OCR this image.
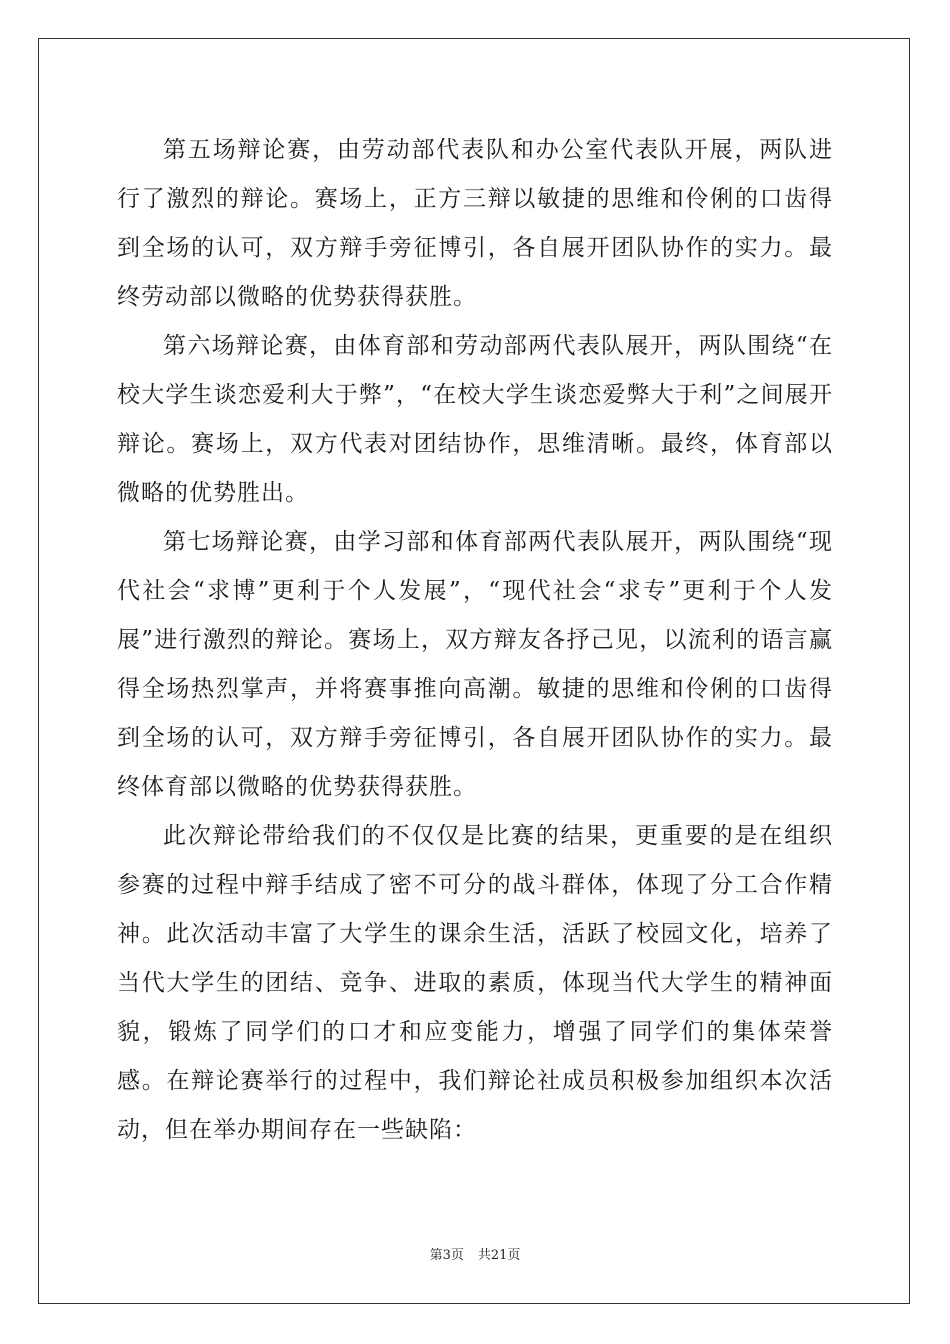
第五场辩论赛，由劳动部代表队和办公室代表队开展，两队进行了激烈的辩论。赛场上，正方三辩以敏捷的思维和伶俐的口齿得到全场的认可，双方辩手旁征博引，各自展开团队协作的实力。最终劳动部以微略的优势获得获胜。

第六场辩论赛，由体育部和劳动部两代表队展开，两队围绕“在校大学生谈恋爱利大于弊”，“在校大学生谈恋爱弊大于利”之间展开辩论。赛场上，双方代表对团结协作，思维清晰。最终，体育部以微略的优势胜出。

第七场辩论赛，由学习部和体育部两代表队展开，两队围绕“现代社会“求博”更利于个人发展”，“现代社会“求专”更利于个人发展”进行激烈的辩论。赛场上，双方辩友各抒己见，以流利的语言赢得全场热烈掌声，并将赛事推向高潮。敏捷的思维和伶俐的口齿得到全场的认可，双方辩手旁征博引，各自展开团队协作的实力。最终体育部以微略的优势获得获胜。

此次辩论带给我们的不仅仅是比赛的结果，更重要的是在组织参赛的过程中辩手结成了密不可分的战斗群体，体现了分工合作精神。此次活动丰富了大学生的课余生活，活跃了校园文化，培养了当代大学生的团结、竞争、进取的素质，体现当代大学生的精神面貌，锻炼了同学们的口才和应变能力，增强了同学们的集体荣誉感。在辩论赛举行的过程中，我们辩论社成员积极参加组织本次活动，但在举办期间存在一些缺陷：

第3页 共21页
